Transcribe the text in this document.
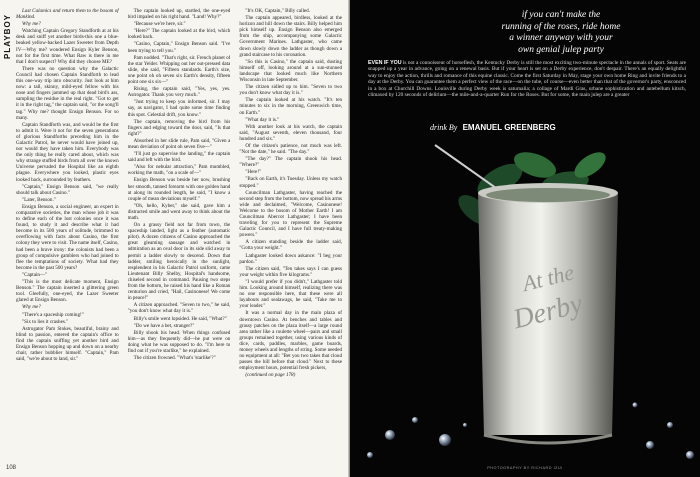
PLAYBOY

Last Calamics and return them to the bosom of Mankind.

Why me?

Watching Captain Gregory Standforth at at his desk and sniff yet another birds-this one a blue-beaked yellow-backed Lazer Sweeter from Depth IV—Why me? wondered Ensign Kyler Benson, not for the first time. What Raw is there in me that I don't suspect? Why did they choose ME?

There was no question why the Galactic Council had chosen Captain Standforth to lead this one-way trip into obscurity. Just look at him now: a tall, skinny, mild-eyed fellow with his nose and fingers jammed up that dead bird's ass, sampling the residue in the real right. "Got to get it in the right tag," the captain said, "or the song'll tag." Why me? thought Ensign Benson. For so many.

Captain Standforth was, and would be the first to admit it. Were it not for the seven generations of glorious Standforths preceding him in the Galactic Patrol, he never would have joined up, nor would they have taken him. Everybody was the only thing he really cared about, which was why strange stuffed birds from all over the known Universe pervaded the Hospital like an eighth plague. Everywhere you looked, plastic eyes looked back, surrounded by feathers.

"Captain," Ensign Benson said, "we really should talk about Casino."

"Later, Benson."

Ensign Benson, a social engineer, an expert in comparative societies, the man whose job it was to define each of the lost colonies once it was found, to study it and describe what it had become in its 500 years of solitude, brimmed to overflowing with facts about Casino, the first colony they were to visit. The name itself, Casino, had been a brave irony: the colonists had been a group of compulsive gamblers who had joined to flee the temptations of society. What had they become in the past 500 years?

"Captain—"

"This is the most delicate moment, Ensign Benson." The captain inserted a glittering green tool. Gleefully, one-eyed, the Lazer Sweeter glared at Ensign Benson.

Why me?

"There's a spaceship coming!"

"Six to lies it crashes."

Astrogator Pam Stokes, beautiful, brainy and blind to passion, entered the captain's office to find the captain sniffing yet another bird and Ensign Benson hopping up and down on a nearby chair, rather bubblier himself. "Captain," Pam said, "we're about to land, sir."

The captain looked up, startled, the one-eyed bird impaled on his right hand. "Land! Why?"

"Because we're here, sir."

"Here?" The captain looked at the bird, which looked back.

"Casino, Captain," Ensign Benson said. "I've been trying to tell you."

Pam nodded. "That's right, sir. French planet of the star Yelder. Whipping out her out-pressed data slide, she said, "Fifteen standards. Earth's size, one point oh oh seven six Earth's density, fifteen point one six six—"

Rising, the captain said, "Yes, yes, yes. Astrogator. Thank you very much."

"Just trying to keep you informed, sir. I may say, as navigator, I had quite some time finding this spot. Celestial drift, you know."

The captain, removing the bird from his fingers and edging toward the door, said, "Is that right?"

Absorbed in her slide rule, Pam said, "Given a mean deviation of point oh seven five—"

"I'll just go supervise the landing," the captain said and left with the bird.

"Also for nebular attraction," Pam mumbled, working the math, "on a scale of—"

Ensign Benson was beside her now, brushing her smooth, tanned forearm with one golden hand at along its rounded length, he said, "I know a couple of mean deviations myself."

"Oh, hello, Kyber," she said, gave him a distracted smile and went away to think about the math.

On a grassy field not far from town, the spaceship landed, light as a feather (automatic pilot). A dozen citizens of Casino approached the great gleaming sausage and watched in admiration as an oval door in its side slid away to permit a ladder slowly to descend. Down that ladder, smiling heroically in the sunlight, resplendent in his Galactic Patrol uniform, came Lieutenant Billy Shelby, Hospital's handsome, chiseled second in command. Pausing two steps from the bottom, he raised his hand like a Roman centurion and cried, "Hail, Casinonese! We come in peace!"

A citizen approached. "Seven to two," he said, "you don't know what day it is."

Billy's smile went lopsided. He said, "What?"

"Do we have a bet, stranger?"

Billy shook his head. When things confused him—as they frequently did—he put were on doing what he was supposed to do. "I'm here to find out if you're starlike," he explained.

The citizen frowned. "What's 'starlike'?"

"It's OK, Captain," Billy called.

The captain appeared, birdless, looked at the horizon and hill down the stairs. Billy helped him pick himself up. Ensign Benson also emerged from the ship, accompanying some Galactic Government Marines. Lathgaster, who came down slowly down the ladder as though down a grand staircase to his coronation.

"So this is Casino," the captain said, dusting himself off, looking around at a sun-stunned landscape that looked much like Northern Wisconsin in late September.

The citizen sidled up to him. "Seven to two you don't know what day it is."

The captain looked at his watch. "It's ten minutes to six in the morning, Greenwich time, on Earth."

"What day it is."

With another look at his watch, the captain said, "August seventh, eleven thousand, four hundred and six."

Of the citizen's patience, not much was left. "Not the date," he said. "The day."

"The day?" The captain shook his head. "Where?"

"Here!"

"Back on Earth, it's Tuesday. Unless my watch stopped."

Councilman Lathgaster, having reached the second step from the bottom, now spread his arms wide and declaimed, "Welcome, Casinonese! Welcome to the bosom of Mother Earth! I am Councilman Abercot Lathgaster; I have been traveling for you to represent the Supreme Galactic Council, and I have full treaty-making powers."

A citizen standing beside the ladder said, "Gotta your weight."

Lathgaster looked down askance: "I beg your pardon."

The citizen said, "Ten takes says I can guess your weight within five kilograms."

"I would prefer if you didn't," Lathgaster told him. Looking around himself, realizing there was no one responsible here, that these were all layabouts and sealawags, he said, "Take me to your leader."

It was a normal day in the main plaza of downtown Casino. At benches and tables and grassy patches on the plaza itself—a large round area rather like a roulette wheel—pairs and small groups remained together, using various kinds of dice, cards, paddles, marbles, game boards, money wheels and lengths of string. Some needed no equipment at all: "Bet you two takes that cloud passes the hill before that cloud." Next to these employment hours, potential fresh pickers,

(continued on page 178)

108
if you can't make the
running of the roses, ride home
a winner anyway with your
own genial julep party
EVEN IF YOU is not a connoisseur of horseflesh, the Kentucky Derby is still the most exciting two-minute spectacle in the annals of sport. Seats are snapped up a year in advance, going on a renewal basis. But if your heart is set on a Derby experience, don't despair. There's an equally delightful way to enjoy the action, thrills and romance of this equine classic. Come the first Saturday in May, stage your own home Ring and invite friends to a day at the Derby. You can guarantee them a perfect view of the race—on the tube, of course—even better than that of the governor's party, ensconced in a box at Churchill Downs. Louisville during Derby week is saturnalia; a collage of Mardi Gras, urbane sophistication and antebellum kitsch, climaxed by 120 seconds of delirium—the mile-and-a-quarter Run for the Roses. But for some, the main julep are a greater
drink By EMANUEL GREENBERG
At the
Derby
PHOTOGRAPHY BY RICHARD IZUI
